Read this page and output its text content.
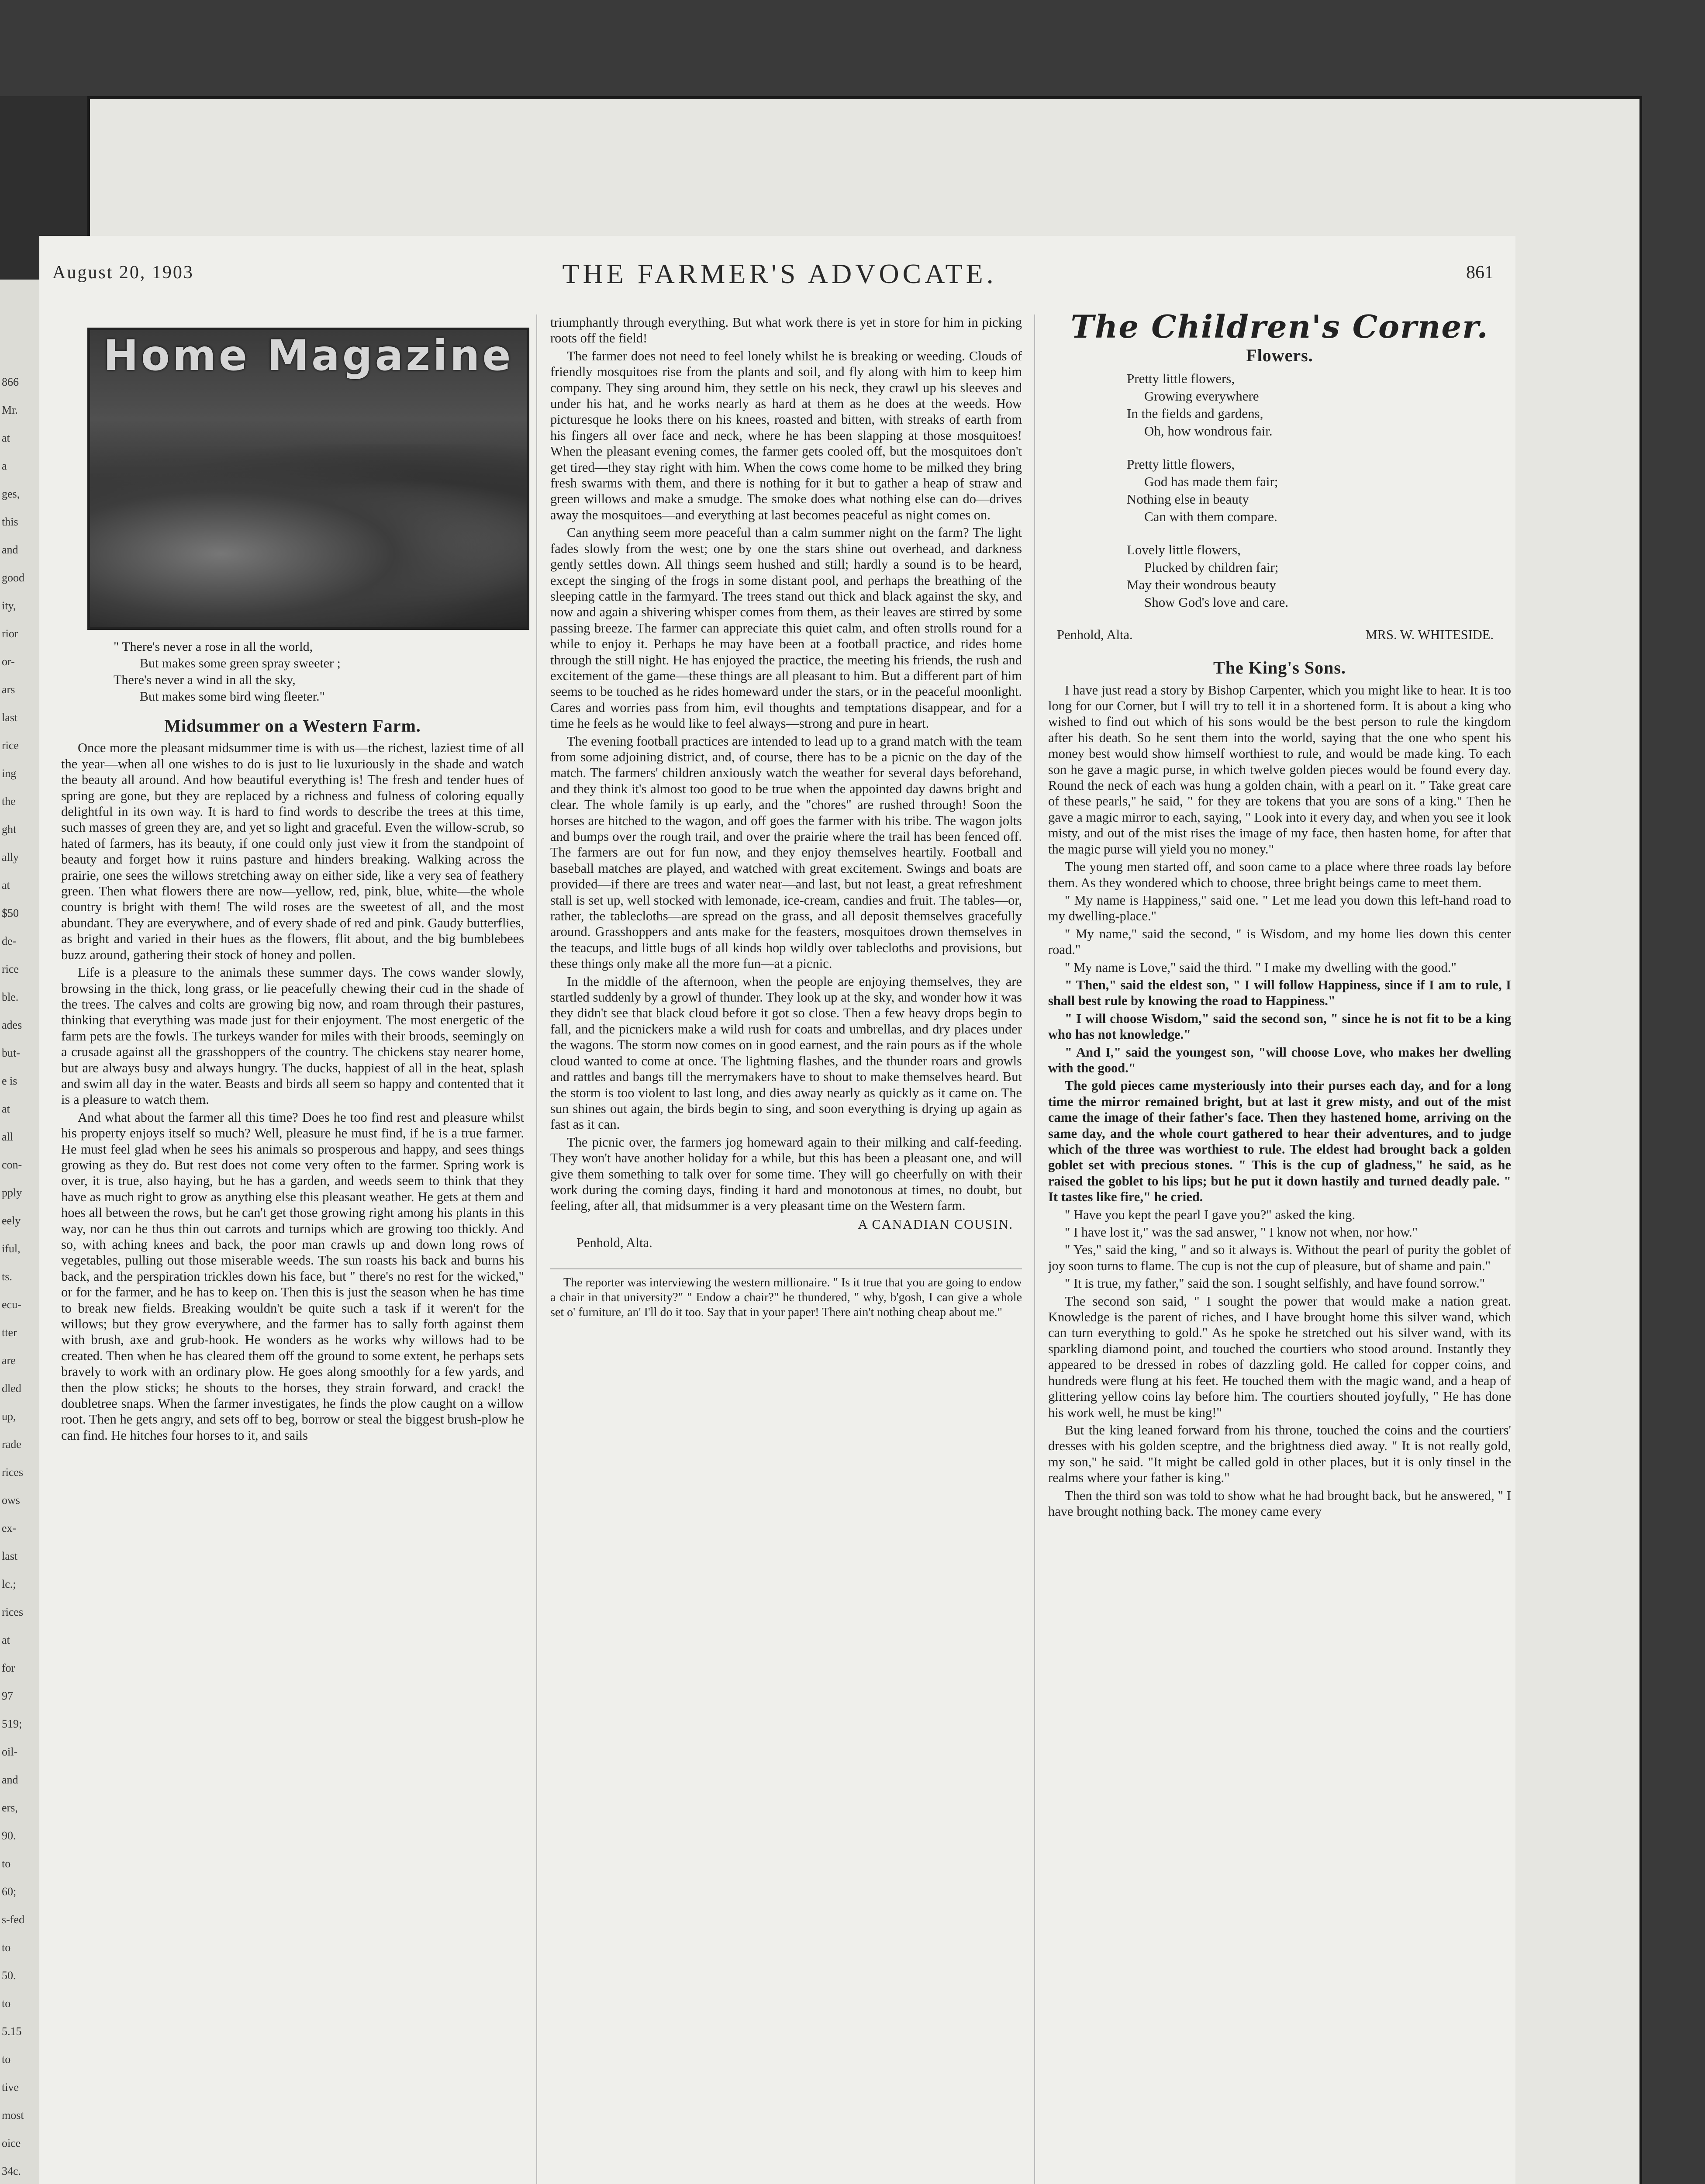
866
Mr.
at
a
ges,
this
and
good
ity,
rior
or-
ars
last
rice
ing
the
ght
ally
at
$50
de-
rice
ble.
ades
but-
e is
at
all
con-
pply
eely
iful,
ts.
ecu-
tter
are
dled
up,
rade
rices
ows
ex-
last
lc.;
rices
at
for
97
519;
oil-
and
ers,
90.
to
60;
s-fed
to
50.
to
5.15
to
tive
most
oice
34c.
August 20, 1903	THE FARMER'S ADVOCATE.	861
Home Magazine
" There's never a rose in all the world,
But makes some green spray sweeter ;
There's never a wind in all the sky,
But makes some bird wing fleeter."
Midsummer on a Western Farm.

Once more the pleasant midsummer time is with us—the richest, laziest time of all the year—when all one wishes to do is just to lie luxuriously in the shade and watch the beauty all around. And how beautiful everything is! The fresh and tender hues of spring are gone, but they are replaced by a richness and fulness of coloring equally delightful in its own way. It is hard to find words to describe the trees at this time, such masses of green they are, and yet so light and graceful. Even the willow-scrub, so hated of farmers, has its beauty, if one could only just view it from the standpoint of beauty and forget how it ruins pasture and hinders breaking. Walking across the prairie, one sees the willows stretching away on either side, like a very sea of feathery green. Then what flowers there are now—yellow, red, pink, blue, white—the whole country is bright with them! The wild roses are the sweetest of all, and the most abundant. They are everywhere, and of every shade of red and pink. Gaudy butterflies, as bright and varied in their hues as the flowers, flit about, and the big bumblebees buzz around, gathering their stock of honey and pollen.

Life is a pleasure to the animals these summer days. The cows wander slowly, browsing in the thick, long grass, or lie peacefully chewing their cud in the shade of the trees. The calves and colts are growing big now, and roam through their pastures, thinking that everything was made just for their enjoyment. The most energetic of the farm pets are the fowls. The turkeys wander for miles with their broods, seemingly on a crusade against all the grasshoppers of the country. The chickens stay nearer home, but are always busy and always hungry. The ducks, happiest of all in the heat, splash and swim all day in the water. Beasts and birds all seem so happy and contented that it is a pleasure to watch them.

And what about the farmer all this time? Does he too find rest and pleasure whilst his property enjoys itself so much? Well, pleasure he must find, if he is a true farmer. He must feel glad when he sees his animals so prosperous and happy, and sees things growing as they do. But rest does not come very often to the farmer. Spring work is over, it is true, also haying, but he has a garden, and weeds seem to think that they have as much right to grow as anything else this pleasant weather. He gets at them and hoes all between the rows, but he can't get those growing right among his plants in this way, nor can he thus thin out carrots and turnips which are growing too thickly. And so, with aching knees and back, the poor man crawls up and down long rows of vegetables, pulling out those miserable weeds. The sun roasts his back and burns his back, and the perspiration trickles down his face, but " there's no rest for the wicked," or for the farmer, and he has to keep on. Then this is just the season when he has time to break new fields. Breaking wouldn't be quite such a task if it weren't for the willows; but they grow everywhere, and the farmer has to sally forth against them with brush, axe and grub-hook. He wonders as he works why willows had to be created. Then when he has cleared them off the ground to some extent, he perhaps sets bravely to work with an ordinary plow. He goes along smoothly for a few yards, and then the plow sticks; he shouts to the horses, they strain forward, and crack! the doubletree snaps. When the farmer investigates, he finds the plow caught on a willow root. Then he gets angry, and sets off to beg, borrow or steal the biggest brush-plow he can find. He hitches four horses to it, and sails

triumphantly through everything. But what work there is yet in store for him in picking roots off the field!

The farmer does not need to feel lonely whilst he is breaking or weeding. Clouds of friendly mosquitoes rise from the plants and soil, and fly along with him to keep him company. They sing around him, they settle on his neck, they crawl up his sleeves and under his hat, and he works nearly as hard at them as he does at the weeds. How picturesque he looks there on his knees, roasted and bitten, with streaks of earth from his fingers all over face and neck, where he has been slapping at those mosquitoes! When the pleasant evening comes, the farmer gets cooled off, but the mosquitoes don't get tired—they stay right with him. When the cows come home to be milked they bring fresh swarms with them, and there is nothing for it but to gather a heap of straw and green willows and make a smudge. The smoke does what nothing else can do—drives away the mosquitoes—and everything at last becomes peaceful as night comes on.

Can anything seem more peaceful than a calm summer night on the farm? The light fades slowly from the west; one by one the stars shine out overhead, and darkness gently settles down. All things seem hushed and still; hardly a sound is to be heard, except the singing of the frogs in some distant pool, and perhaps the breathing of the sleeping cattle in the farmyard. The trees stand out thick and black against the sky, and now and again a shivering whisper comes from them, as their leaves are stirred by some passing breeze. The farmer can appreciate this quiet calm, and often strolls round for a while to enjoy it. Perhaps he may have been at a football practice, and rides home through the still night. He has enjoyed the practice, the meeting his friends, the rush and excitement of the game—these things are all pleasant to him. But a different part of him seems to be touched as he rides homeward under the stars, or in the peaceful moonlight. Cares and worries pass from him, evil thoughts and temptations disappear, and for a time he feels as he would like to feel always—strong and pure in heart.

The evening football practices are intended to lead up to a grand match with the team from some adjoining district, and, of course, there has to be a picnic on the day of the match. The farmers' children anxiously watch the weather for several days beforehand, and they think it's almost too good to be true when the appointed day dawns bright and clear. The whole family is up early, and the "chores" are rushed through! Soon the horses are hitched to the wagon, and off goes the farmer with his tribe. The wagon jolts and bumps over the rough trail, and over the prairie where the trail has been fenced off. The farmers are out for fun now, and they enjoy themselves heartily. Football and baseball matches are played, and watched with great excitement. Swings and boats are provided—if there are trees and water near—and last, but not least, a great refreshment stall is set up, well stocked with lemonade, ice-cream, candies and fruit. The tables—or, rather, the tablecloths—are spread on the grass, and all deposit themselves gracefully around. Grasshoppers and ants make for the feasters, mosquitoes drown themselves in the teacups, and little bugs of all kinds hop wildly over tablecloths and provisions, but these things only make all the more fun—at a picnic.

In the middle of the afternoon, when the people are enjoying themselves, they are startled suddenly by a growl of thunder. They look up at the sky, and wonder how it was they didn't see that black cloud before it got so close. Then a few heavy drops begin to fall, and the picnickers make a wild rush for coats and umbrellas, and dry places under the wagons. The storm now comes on in good earnest, and the rain pours as if the whole cloud wanted to come at once. The lightning flashes, and the thunder roars and growls and rattles and bangs till the merrymakers have to shout to make themselves heard. But the storm is too violent to last long, and dies away nearly as quickly as it came on. The sun shines out again, the birds begin to sing, and soon everything is drying up again as fast as it can.

The picnic over, the farmers jog homeward again to their milking and calf-feeding. They won't have another holiday for a while, but this has been a pleasant one, and will give them something to talk over for some time. They will go cheerfully on with their work during the coming days, finding it hard and monotonous at times, no doubt, but feeling, after all, that midsummer is a very pleasant time on the Western farm.

A CANADIAN COUSIN.
Penhold, Alta.

The reporter was interviewing the western millionaire. " Is it true that you are going to endow a chair in that university?" " Endow a chair?" he thundered, " why, b'gosh, I can give a whole set o' furniture, an' I'll do it too. Say that in your paper! There ain't nothing cheap about me."

The Children's Corner.
Flowers.
Pretty little flowers,
Growing everywhere
In the fields and gardens,
Oh, how wondrous fair.
Pretty little flowers,
God has made them fair;
Nothing else in beauty
Can with them compare.
Lovely little flowers,
Plucked by children fair;
May their wondrous beauty
Show God's love and care.
Penhold, Alta.	MRS. W. WHITESIDE.
The King's Sons.

I have just read a story by Bishop Carpenter, which you might like to hear. It is too long for our Corner, but I will try to tell it in a shortened form. It is about a king who wished to find out which of his sons would be the best person to rule the kingdom after his death. So he sent them into the world, saying that the one who spent his money best would show himself worthiest to rule, and would be made king. To each son he gave a magic purse, in which twelve golden pieces would be found every day. Round the neck of each was hung a golden chain, with a pearl on it. " Take great care of these pearls," he said, " for they are tokens that you are sons of a king." Then he gave a magic mirror to each, saying, " Look into it every day, and when you see it look misty, and out of the mist rises the image of my face, then hasten home, for after that the magic purse will yield you no money."

The young men started off, and soon came to a place where three roads lay before them. As they wondered which to choose, three bright beings came to meet them.

" My name is Happiness," said one. " Let me lead you down this left-hand road to my dwelling-place."

" My name," said the second, " is Wisdom, and my home lies down this center road."

" My name is Love," said the third. " I make my dwelling with the good."

" Then," said the eldest son, " I will follow Happiness, since if I am to rule, I shall best rule by knowing the road to Happiness."

" I will choose Wisdom," said the second son, " since he is not fit to be a king who has not knowledge."

" And I," said the youngest son, "will choose Love, who makes her dwelling with the good."

The gold pieces came mysteriously into their purses each day, and for a long time the mirror remained bright, but at last it grew misty, and out of the mist came the image of their father's face. Then they hastened home, arriving on the same day, and the whole court gathered to hear their adventures, and to judge which of the three was worthiest to rule. The eldest had brought back a golden goblet set with precious stones. " This is the cup of gladness," he said, as he raised the goblet to his lips; but he put it down hastily and turned deadly pale. " It tastes like fire," he cried.

" Have you kept the pearl I gave you?" asked the king.

" I have lost it," was the sad answer, " I know not when, nor how."

" Yes," said the king, " and so it always is. Without the pearl of purity the goblet of joy soon turns to flame. The cup is not the cup of pleasure, but of shame and pain."

" It is true, my father," said the son. I sought selfishly, and have found sorrow."

The second son said, " I sought the power that would make a nation great. Knowledge is the parent of riches, and I have brought home this silver wand, which can turn everything to gold." As he spoke he stretched out his silver wand, with its sparkling diamond point, and touched the courtiers who stood around. Instantly they appeared to be dressed in robes of dazzling gold. He called for copper coins, and hundreds were flung at his feet. He touched them with the magic wand, and a heap of glittering yellow coins lay before him. The courtiers shouted joyfully, " He has done his work well, he must be king!"

But the king leaned forward from his throne, touched the coins and the courtiers' dresses with his golden sceptre, and the brightness died away. " It is not really gold, my son," he said. "It might be called gold in other places, but it is only tinsel in the realms where your father is king."

Then the third son was told to show what he had brought back, but he answered, " I have brought nothing back. The money came every
